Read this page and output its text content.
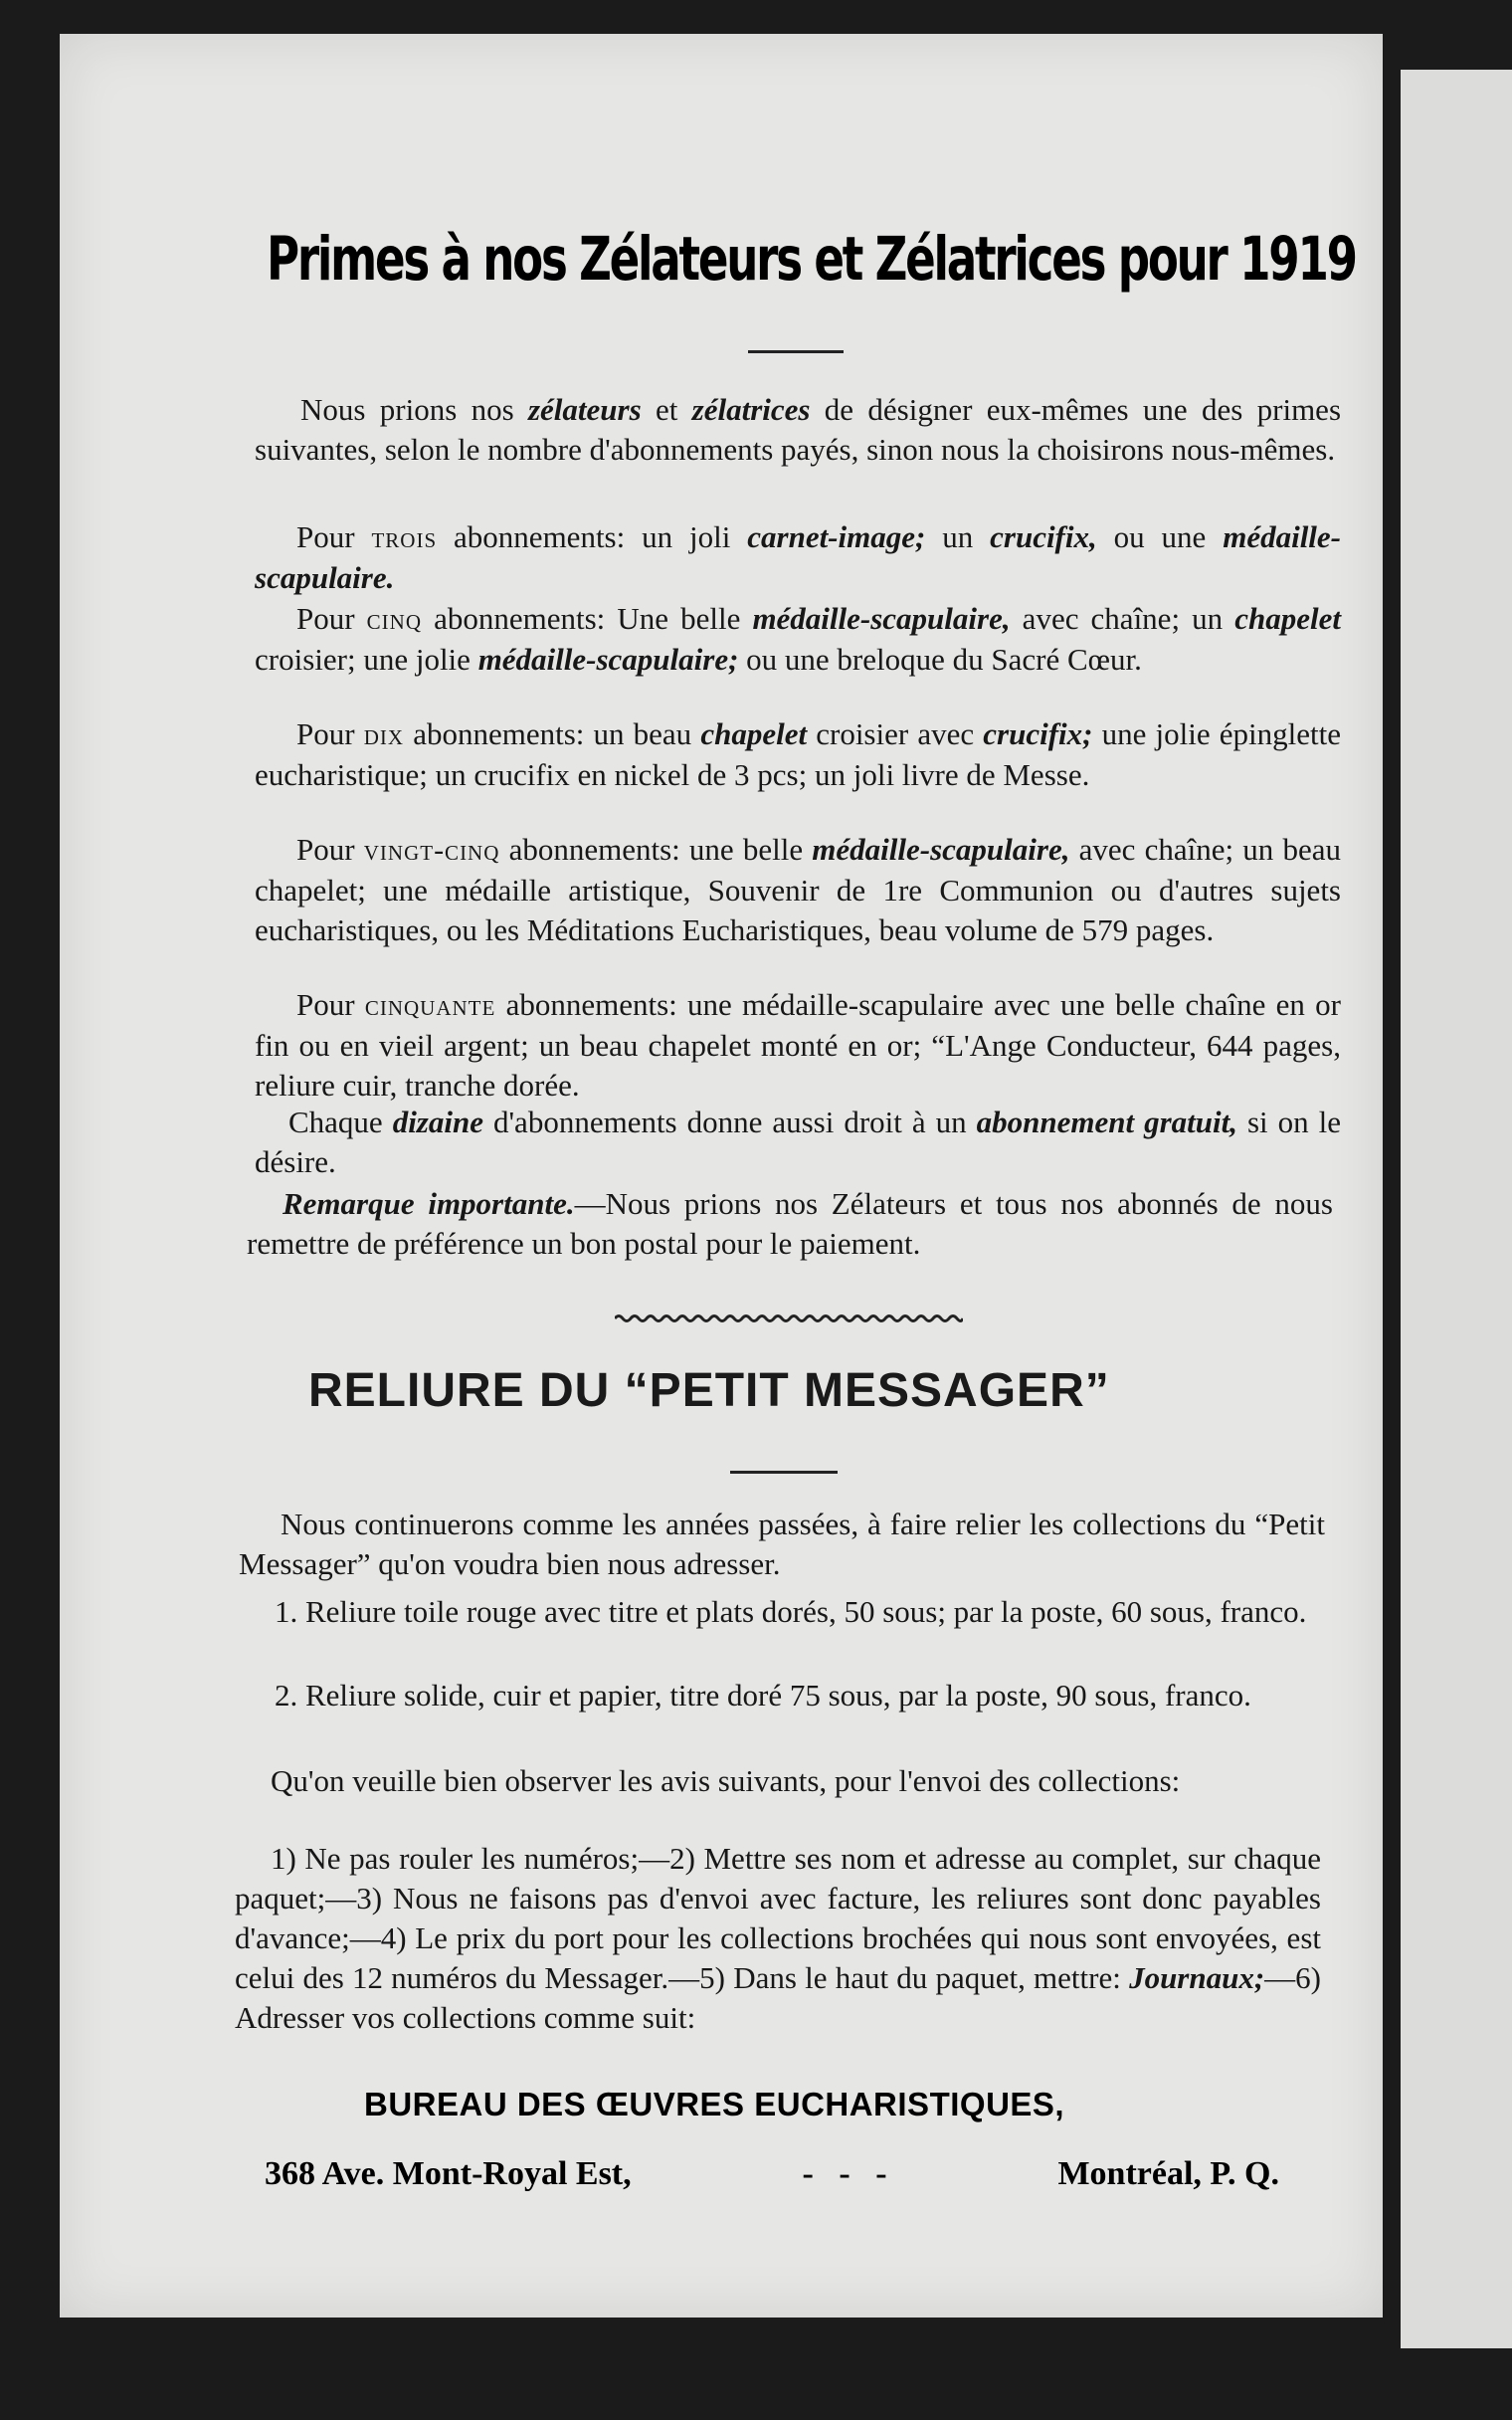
Primes à nos Zélateurs et Zélatrices pour 1919

Nous prions nos zélateurs et zélatrices de désigner eux-mêmes une des primes suivantes, selon le nombre d'abonnements payés, sinon nous la choisirons nous-mêmes.

Pour trois abonnements: un joli carnet-image; un crucifix, ou une médaille-scapulaire.

Pour cinq abonnements: Une belle médaille-scapulaire, avec chaîne; un chapelet croisier; une jolie médaille-scapulaire; ou une breloque du Sacré Cœur.

Pour dix abonnements: un beau chapelet croisier avec crucifix; une jolie épinglette eucharistique; un crucifix en nickel de 3 pcs; un joli livre de Messe.

Pour vingt-cinq abonnements: une belle médaille-scapulaire, avec chaîne; un beau chapelet; une médaille artistique, Souvenir de 1re Communion ou d'autres sujets eucharistiques, ou les Méditations Eucharistiques, beau volume de 579 pages.

Pour cinquante abonnements: une médaille-scapulaire avec une belle chaîne en or fin ou en vieil argent; un beau chapelet monté en or; “L'Ange Conducteur, 644 pages, reliure cuir, tranche dorée.

Chaque dizaine d'abonnements donne aussi droit à un abonnement gratuit, si on le désire.

Remarque importante.—Nous prions nos Zélateurs et tous nos abonnés de nous remettre de préférence un bon postal pour le paiement.

RELIURE DU “PETIT MESSAGER”

Nous continuerons comme les années passées, à faire relier les collections du “Petit Messager” qu'on voudra bien nous adresser.

1. Reliure toile rouge avec titre et plats dorés, 50 sous; par la poste, 60 sous, franco.

2. Reliure solide, cuir et papier, titre doré 75 sous, par la poste, 90 sous, franco.

Qu'on veuille bien observer les avis suivants, pour l'envoi des collections:

1) Ne pas rouler les numéros;—2) Mettre ses nom et adresse au complet, sur chaque paquet;—3) Nous ne faisons pas d'envoi avec facture, les reliures sont donc payables d'avance;—4) Le prix du port pour les collections brochées qui nous sont envoyées, est celui des 12 numéros du Messager.—5) Dans le haut du paquet, mettre: Journaux;—6) Adresser vos collections comme suit:

BUREAU DES ŒUVRES EUCHARISTIQUES,

368 Ave. Mont-Royal Est,	-   -   -	Montréal, P. Q.
